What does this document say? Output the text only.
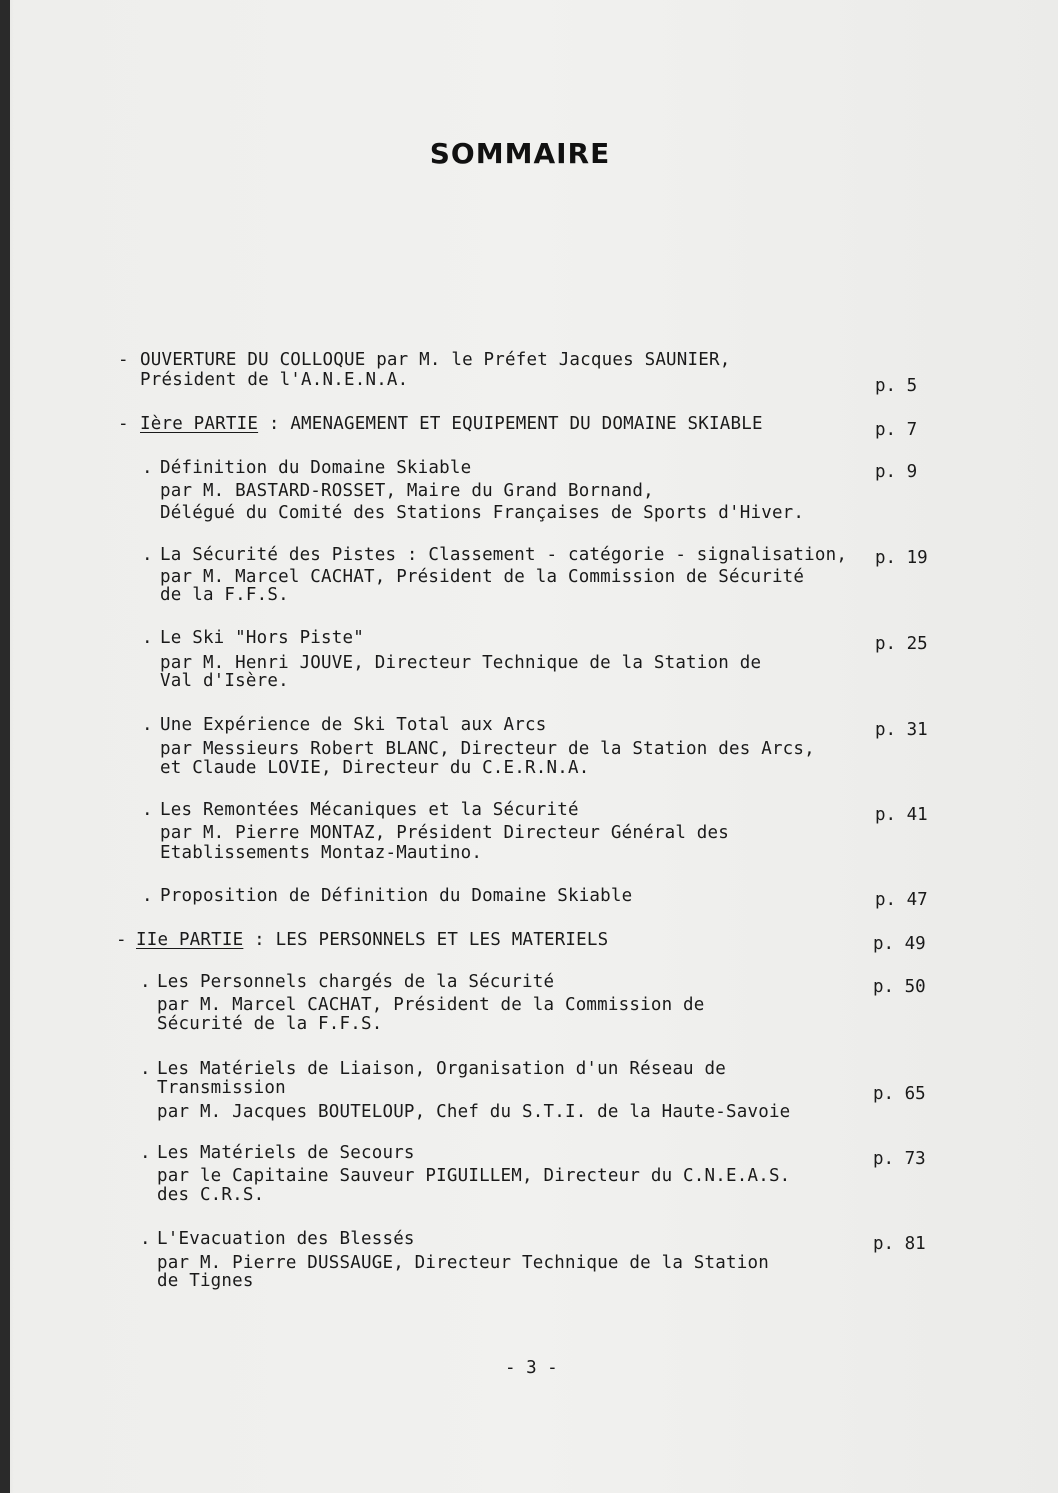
SOMMAIRE
- OUVERTURE DU COLLOQUE par M. le Préfet Jacques SAUNIER,
Président de l'A.N.E.N.A.	p. 5
- Ière PARTIE : AMENAGEMENT ET EQUIPEMENT DU DOMAINE SKIABLE	p. 7
. Définition du Domaine Skiable
par M. BASTARD-ROSSET, Maire du Grand Bornand,
Délégué du Comité des Stations Françaises de Sports d'Hiver.
p. 9
. La Sécurité des Pistes : Classement - catégorie - signalisation,
par M. Marcel CACHAT, Président de la Commission de Sécurité
de la F.F.S.
p. 19
. Le Ski "Hors Piste"
par M. Henri JOUVE, Directeur Technique de la Station de
Val d'Isère.
p. 25
. Une Expérience de Ski Total aux Arcs
par Messieurs Robert BLANC, Directeur de la Station des Arcs,
et Claude LOVIE, Directeur du C.E.R.N.A.
p. 31
. Les Remontées Mécaniques et la Sécurité
par M. Pierre MONTAZ, Président Directeur Général des
Etablissements Montaz-Mautino.
p. 41
. Proposition de Définition du Domaine Skiable	p. 47
- IIe PARTIE : LES PERSONNELS ET LES MATERIELS	p. 49
. Les Personnels chargés de la Sécurité
par M. Marcel CACHAT, Président de la Commission de
Sécurité de la F.F.S.
p. 50
. Les Matériels de Liaison, Organisation d'un Réseau de
Transmission
par M. Jacques BOUTELOUP, Chef du S.T.I. de la Haute-Savoie
p. 65
. Les Matériels de Secours
par le Capitaine Sauveur PIGUILLEM, Directeur du C.N.E.A.S.
des C.R.S.
p. 73
. L'Evacuation des Blessés
par M. Pierre DUSSAUGE, Directeur Technique de la Station
de Tignes
p. 81
- 3 -
